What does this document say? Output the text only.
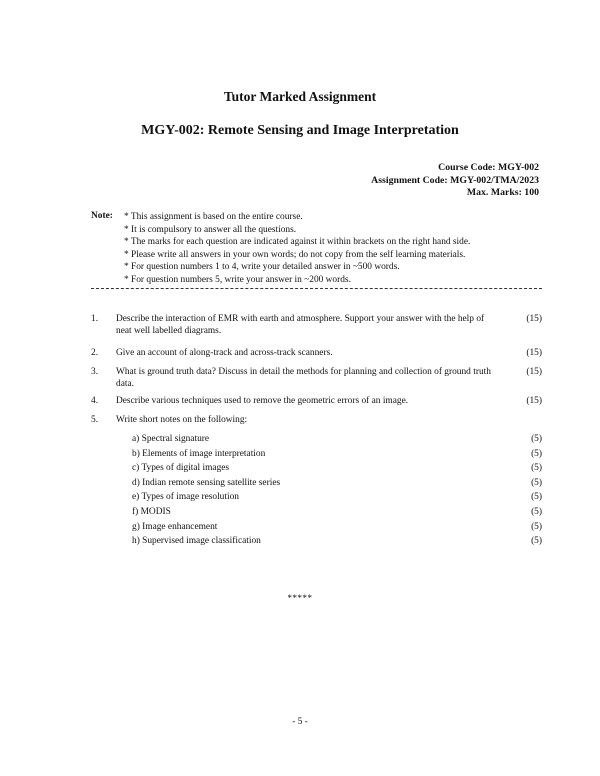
Tutor Marked Assignment
MGY-002: Remote Sensing and Image Interpretation
Course Code: MGY-002
Assignment Code: MGY-002/TMA/2023
Max. Marks: 100
Note:
*	This assignment is based on the entire course.
* It is compulsory to answer all the questions.
* The marks for each question are indicated against it within brackets on the right hand side.
* Please write all answers in your own words; do not copy from the self learning materials.
* For question numbers 1 to 4, write your detailed answer in ~500 words.
* For question numbers 5, write your answer in ~200 words.
1. Describe the interaction of EMR with earth and atmosphere. Support your answer with the help of neat well labelled diagrams.
(15)
2. Give an account of along-track and across-track scanners.	(15)
3. What is ground truth data? Discuss in detail the methods for planning and collection of ground truth data.
(15)
4. Describe various techniques used to remove the geometric errors of an image.	(15)
5. Write short notes on the following:
a) Spectral signature	(5)
b) Elements of image interpretation	(5)
c) Types of digital images	(5)
d) Indian remote sensing satellite series	(5)
e) Types of image resolution	(5)
f) MODIS	(5)
g) Image enhancement	(5)
h) Supervised image classification	(5)
*****
- 5 -
